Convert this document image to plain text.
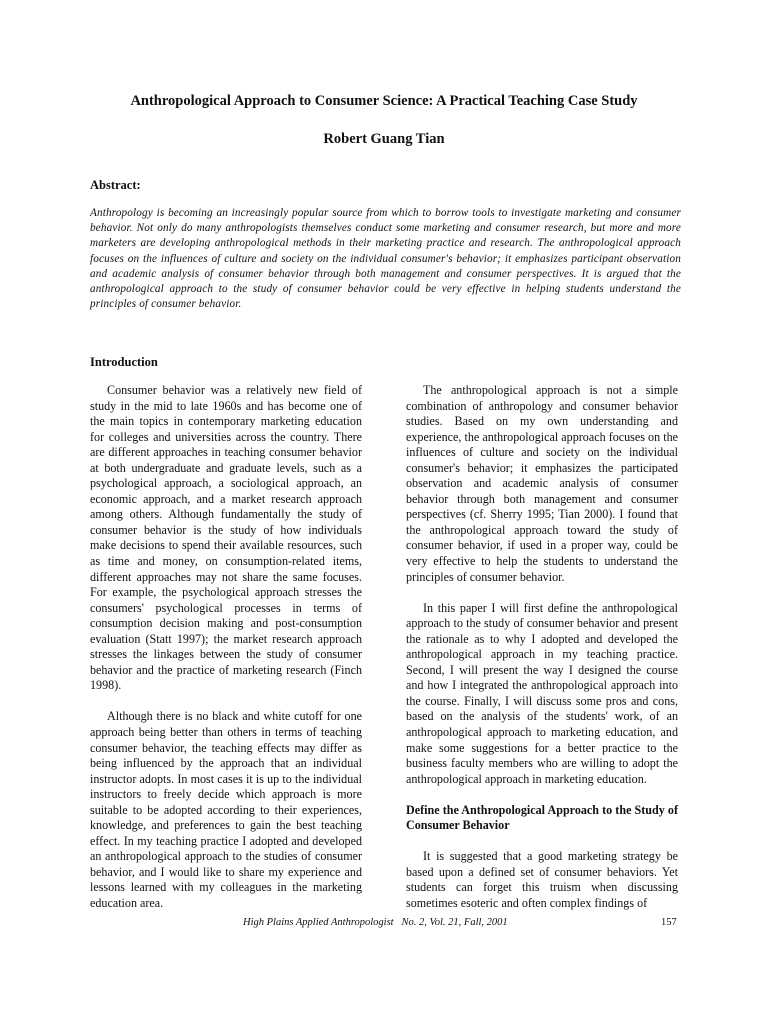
Anthropological Approach to Consumer Science: A Practical Teaching Case Study
Robert Guang Tian
Abstract:
Anthropology is becoming an increasingly popular source from which to borrow tools to investigate marketing and consumer behavior. Not only do many anthropologists themselves conduct some marketing and consumer research, but more and more marketers are developing anthropological methods in their marketing practice and research. The anthropological approach focuses on the influences of culture and society on the individual consumer's behavior; it emphasizes participant observation and academic analysis of consumer behavior through both management and consumer perspectives. It is argued that the anthropological approach to the study of consumer behavior could be very effective in helping students understand the principles of consumer behavior.
Introduction

Consumer behavior was a relatively new field of study in the mid to late 1960s and has become one of the main topics in contemporary marketing education for colleges and universities across the country. There are different approaches in teaching consumer behavior at both undergraduate and graduate levels, such as a psychological approach, a sociological approach, an economic approach, and a market research approach among others. Although fundamentally the study of consumer behavior is the study of how individuals make decisions to spend their available resources, such as time and money, on consumption-related items, different approaches may not share the same focuses. For example, the psychological approach stresses the consumers' psychological processes in terms of consumption decision making and post-consumption evaluation (Statt 1997); the market research approach stresses the linkages between the study of consumer behavior and the practice of marketing research (Finch 1998).

Although there is no black and white cutoff for one approach being better than others in terms of teaching consumer behavior, the teaching effects may differ as being influenced by the approach that an individual instructor adopts. In most cases it is up to the individual instructors to freely decide which approach is more suitable to be adopted according to their experiences, knowledge, and preferences to gain the best teaching effect. In my teaching practice I adopted and developed an anthropological approach to the studies of consumer behavior, and I would like to share my experience and lessons learned with my colleagues in the marketing education area.

The anthropological approach is not a simple combination of anthropology and consumer behavior studies. Based on my own understanding and experience, the anthropological approach focuses on the influences of culture and society on the individual consumer's behavior; it emphasizes the participated observation and academic analysis of consumer behavior through both management and consumer perspectives (cf. Sherry 1995; Tian 2000). I found that the anthropological approach toward the study of consumer behavior, if used in a proper way, could be very effective to help the students to understand the principles of consumer behavior.

In this paper I will first define the anthropological approach to the study of consumer behavior and present the rationale as to why I adopted and developed the anthropological approach in my teaching practice. Second, I will present the way I designed the course and how I integrated the anthropological approach into the course. Finally, I will discuss some pros and cons, based on the analysis of the students' work, of an anthropological approach to marketing education, and make some suggestions for a better practice to the business faculty members who are willing to adopt the anthropological approach in marketing education.

Define the Anthropological Approach to the Study of Consumer Behavior

It is suggested that a good marketing strategy be based upon a defined set of consumer behaviors. Yet students can forget this truism when discussing sometimes esoteric and often complex findings of

High Plains Applied Anthropologist   No. 2, Vol. 21, Fall, 2001	157
